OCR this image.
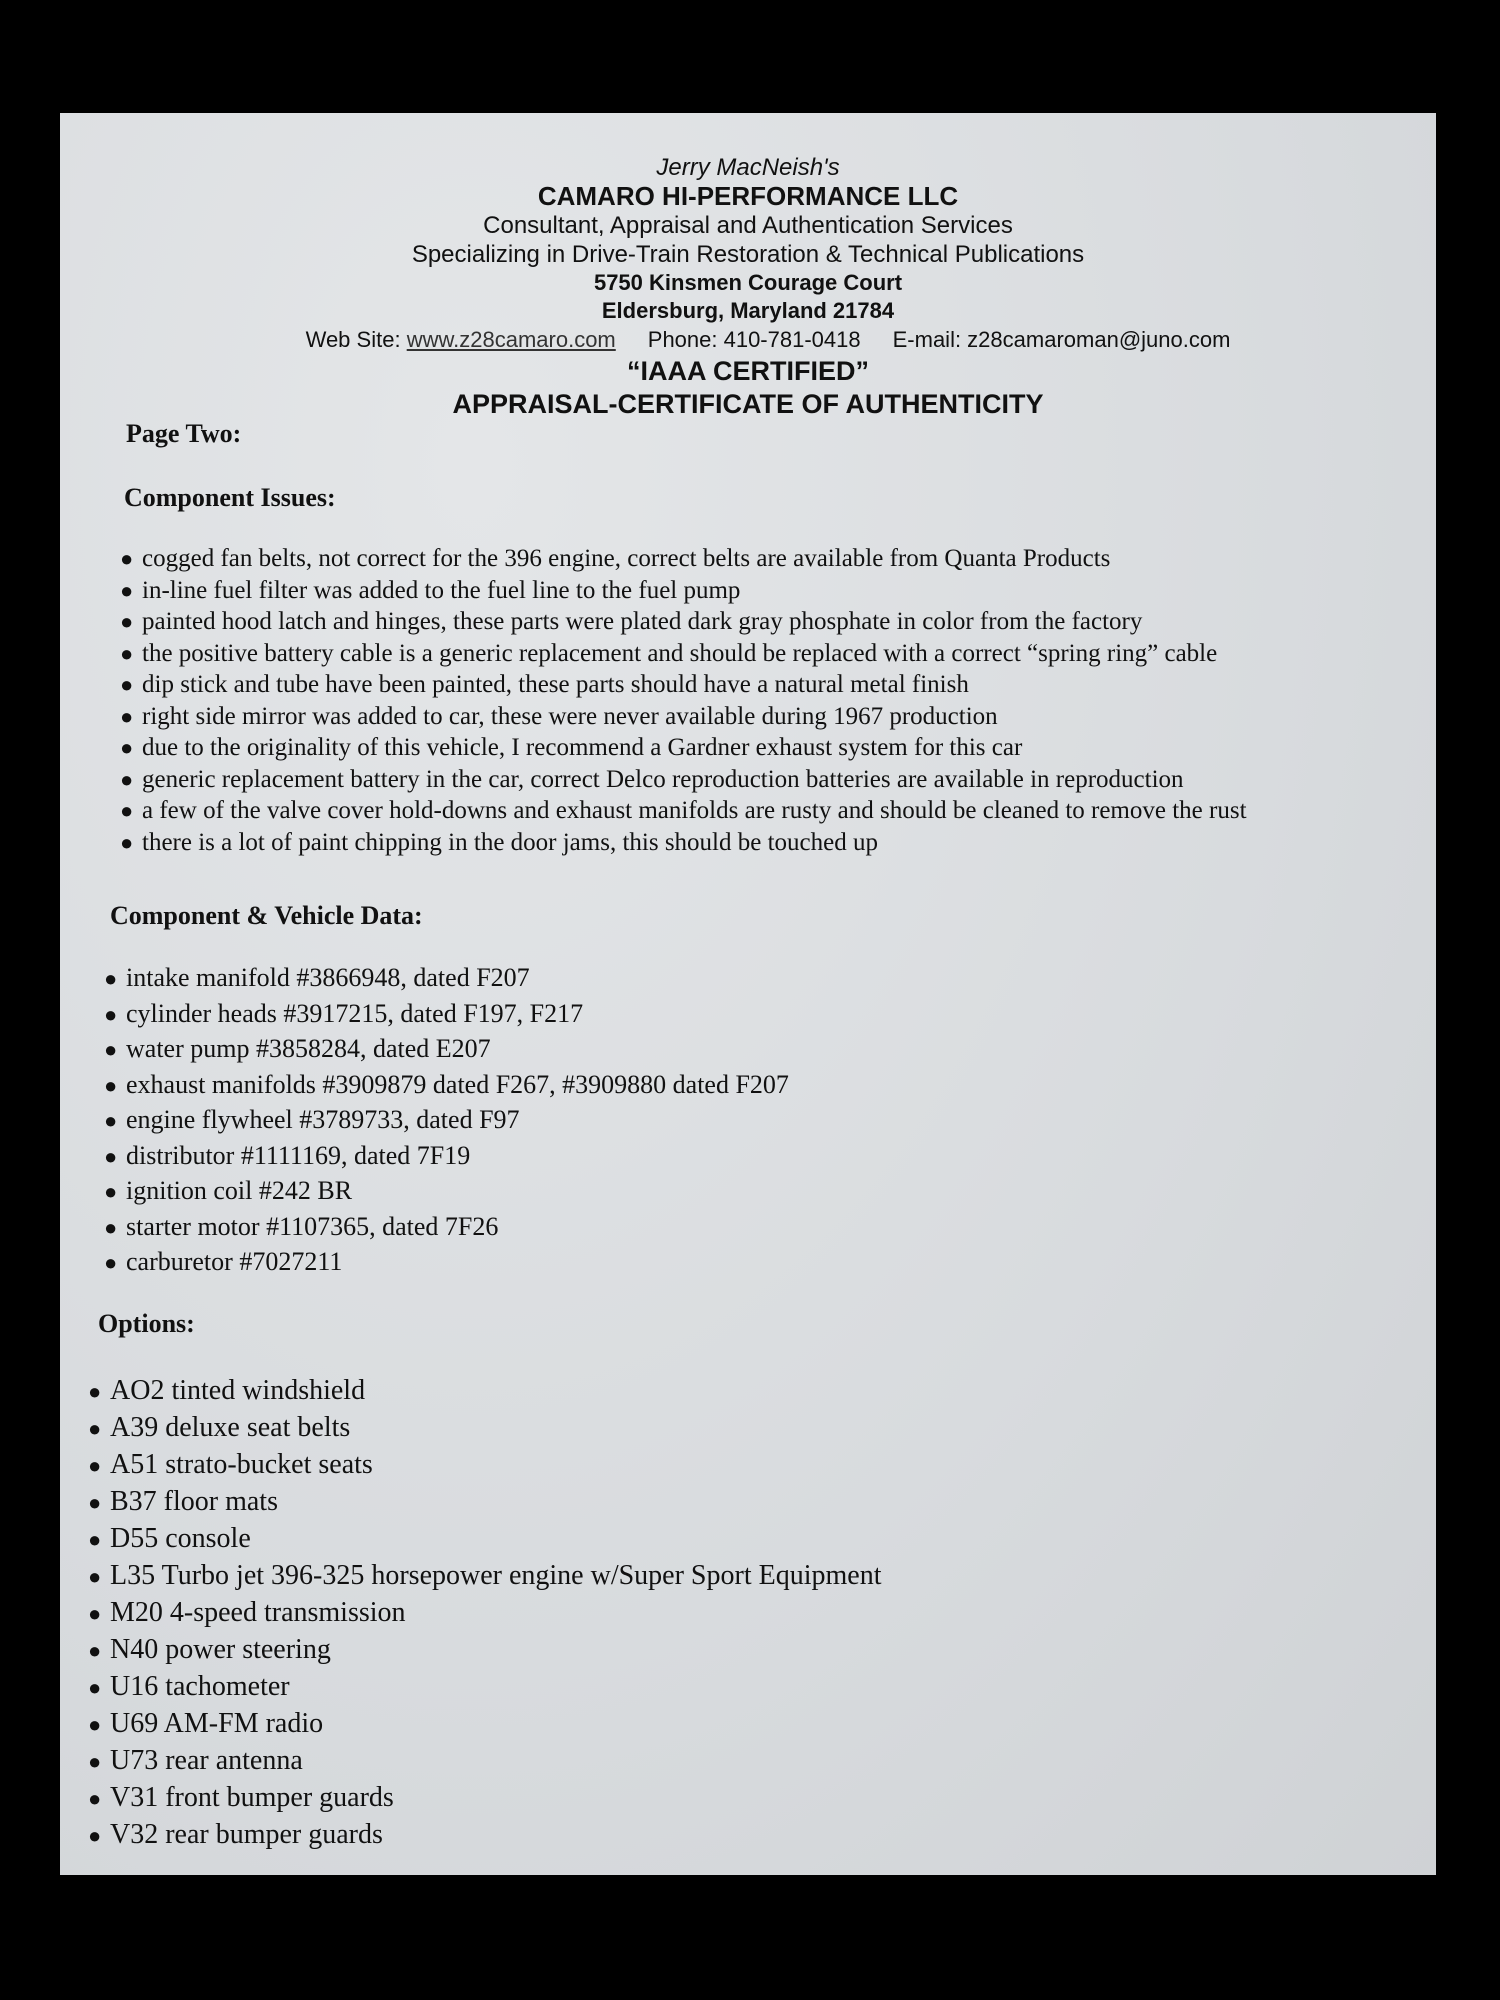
Jerry MacNeish's
CAMARO HI-PERFORMANCE LLC
Consultant, Appraisal and Authentication Services
Specializing in Drive-Train Restoration & Technical Publications
5750 Kinsmen Courage Court
Eldersburg, Maryland 21784
Web Site: www.z28camaro.com Phone: 410-781-0418 E-mail: z28camaroman@juno.com
“IAAA CERTIFIED”
APPRAISAL-CERTIFICATE OF AUTHENTICITY
Page Two:
Component Issues:
● cogged fan belts, not correct for the 396 engine, correct belts are available from Quanta Products
● in-line fuel filter was added to the fuel line to the fuel pump
● painted hood latch and hinges, these parts were plated dark gray phosphate in color from the factory
● the positive battery cable is a generic replacement and should be replaced with a correct “spring ring” cable
● dip stick and tube have been painted, these parts should have a natural metal finish
● right side mirror was added to car, these were never available during 1967 production
● due to the originality of this vehicle, I recommend a Gardner exhaust system for this car
● generic replacement battery in the car, correct Delco reproduction batteries are available in reproduction
● a few of the valve cover hold-downs and exhaust manifolds are rusty and should be cleaned to remove the rust
● there is a lot of paint chipping in the door jams, this should be touched up
Component & Vehicle Data:
● intake manifold #3866948, dated F207
● cylinder heads #3917215, dated F197, F217
● water pump #3858284, dated E207
● exhaust manifolds #3909879 dated F267, #3909880 dated F207
● engine flywheel #3789733, dated F97
● distributor #1111169, dated 7F19
● ignition coil #242 BR
● starter motor #1107365, dated 7F26
● carburetor #7027211
Options:
● AO2 tinted windshield
● A39 deluxe seat belts
● A51 strato-bucket seats
● B37 floor mats
● D55 console
● L35 Turbo jet 396-325 horsepower engine w/Super Sport Equipment
● M20 4-speed transmission
● N40 power steering
● U16 tachometer
● U69 AM-FM radio
● U73 rear antenna
● V31 front bumper guards
● V32 rear bumper guards
